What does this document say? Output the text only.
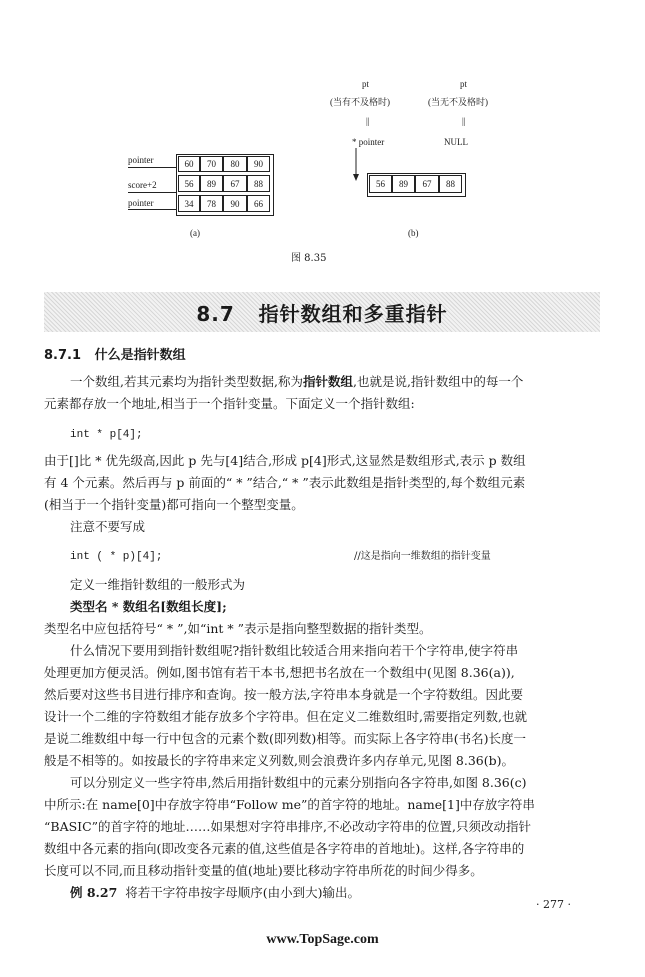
pointer
score+2
pointer
60	70	80	90
56	89	67	88
34	78	90	66
(a)
pt
(当有不及格时)
pt
(当无不及格时)
||	||
* pointer	NULL
56	89	67	88
(b)
图 8.35
8.7 指针数组和多重指针
8.7.1 什么是指针数组
一个数组,若其元素均为指针类型数据,称为指针数组,也就是说,指针数组中的每一个
元素都存放一个地址,相当于一个指针变量。下面定义一个指针数组:
int * p[4];
由于[]比 * 优先级高,因此 p 先与[4]结合,形成 p[4]形式,这显然是数组形式,表示 p 数组
有 4 个元素。然后再与 p 前面的“ * ”结合,“ * ”表示此数组是指针类型的,每个数组元素
(相当于一个指针变量)都可指向一个整型变量。
注意不要写成
int ( * p)[4];	//这是指向一维数组的指针变量
定义一维指针数组的一般形式为
类型名 * 数组名[数组长度];
类型名中应包括符号“ * ”,如“int * ”表示是指向整型数据的指针类型。
什么情况下要用到指针数组呢?指针数组比较适合用来指向若干个字符串,使字符串
处理更加方便灵活。例如,图书馆有若干本书,想把书名放在一个数组中(见图 8.36(a)),
然后要对这些书目进行排序和查询。按一般方法,字符串本身就是一个字符数组。因此要
设计一个二维的字符数组才能存放多个字符串。但在定义二维数组时,需要指定列数,也就
是说二维数组中每一行中包含的元素个数(即列数)相等。而实际上各字符串(书名)长度一
般是不相等的。如按最长的字符串来定义列数,则会浪费许多内存单元,见图 8.36(b)。
可以分别定义一些字符串,然后用指针数组中的元素分别指向各字符串,如图 8.36(c)
中所示:在 name[0]中存放字符串“Follow me”的首字符的地址。name[1]中存放字符串
“BASIC”的首字符的地址……如果想对字符串排序,不必改动字符串的位置,只须改动指针
数组中各元素的指向(即改变各元素的值,这些值是各字符串的首地址)。这样,各字符串的
长度可以不同,而且移动指针变量的值(地址)要比移动字符串所花的时间少得多。
例 8.27 将若干字符串按字母顺序(由小到大)输出。
· 277 ·
www.TopSage.com
